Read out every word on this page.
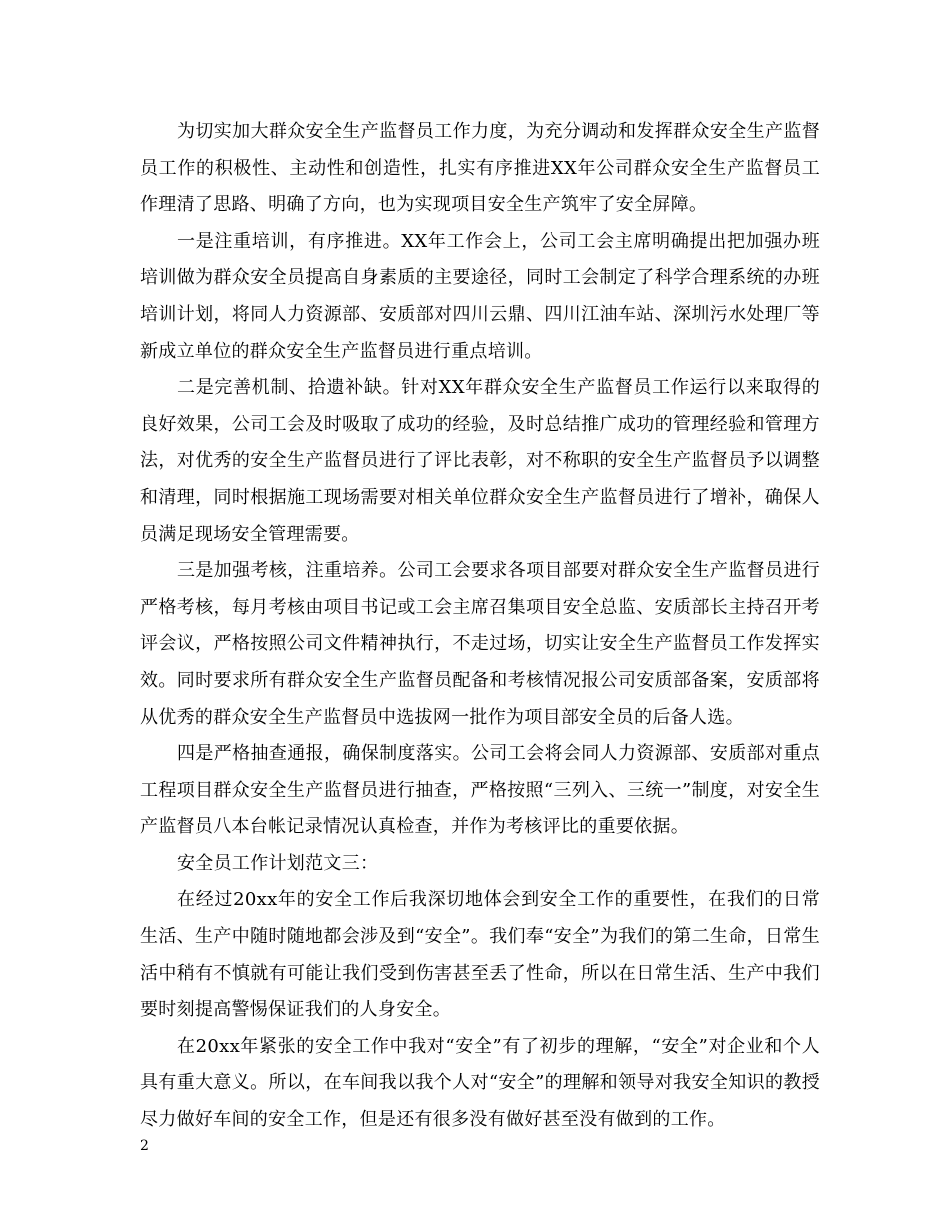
为切实加大群众安全生产监督员工作力度，为充分调动和发挥群众安全生产监督员工作的积极性、主动性和创造性，扎实有序推进XX年公司群众安全生产监督员工作理清了思路、明确了方向，也为实现项目安全生产筑牢了安全屏障。

一是注重培训，有序推进。XX年工作会上，公司工会主席明确提出把加强办班培训做为群众安全员提高自身素质的主要途径，同时工会制定了科学合理系统的办班培训计划，将同人力资源部、安质部对四川云鼎、四川江油车站、深圳污水处理厂等新成立单位的群众安全生产监督员进行重点培训。

二是完善机制、拾遗补缺。针对XX年群众安全生产监督员工作运行以来取得的良好效果，公司工会及时吸取了成功的经验，及时总结推广成功的管理经验和管理方法，对优秀的安全生产监督员进行了评比表彰，对不称职的安全生产监督员予以调整和清理，同时根据施工现场需要对相关单位群众安全生产监督员进行了增补，确保人员满足现场安全管理需要。

三是加强考核，注重培养。公司工会要求各项目部要对群众安全生产监督员进行严格考核，每月考核由项目书记或工会主席召集项目安全总监、安质部长主持召开考评会议，严格按照公司文件精神执行，不走过场，切实让安全生产监督员工作发挥实效。同时要求所有群众安全生产监督员配备和考核情况报公司安质部备案，安质部将从优秀的群众安全生产监督员中选拔网一批作为项目部安全员的后备人选。

四是严格抽查通报，确保制度落实。公司工会将会同人力资源部、安质部对重点工程项目群众安全生产监督员进行抽查，严格按照“三列入、三统一”制度，对安全生产监督员八本台帐记录情况认真检查，并作为考核评比的重要依据。

安全员工作计划范文三：

在经过20xx年的安全工作后我深切地体会到安全工作的重要性，在我们的日常生活、生产中随时随地都会涉及到“安全”。我们奉“安全”为我们的第二生命，日常生活中稍有不慎就有可能让我们受到伤害甚至丢了性命，所以在日常生活、生产中我们要时刻提高警惕保证我们的人身安全。

在20xx年紧张的安全工作中我对“安全”有了初步的理解，“安全”对企业和个人具有重大意义。所以，在车间我以我个人对“安全”的理解和领导对我安全知识的教授尽力做好车间的安全工作，但是还有很多没有做好甚至没有做到的工作。

2
